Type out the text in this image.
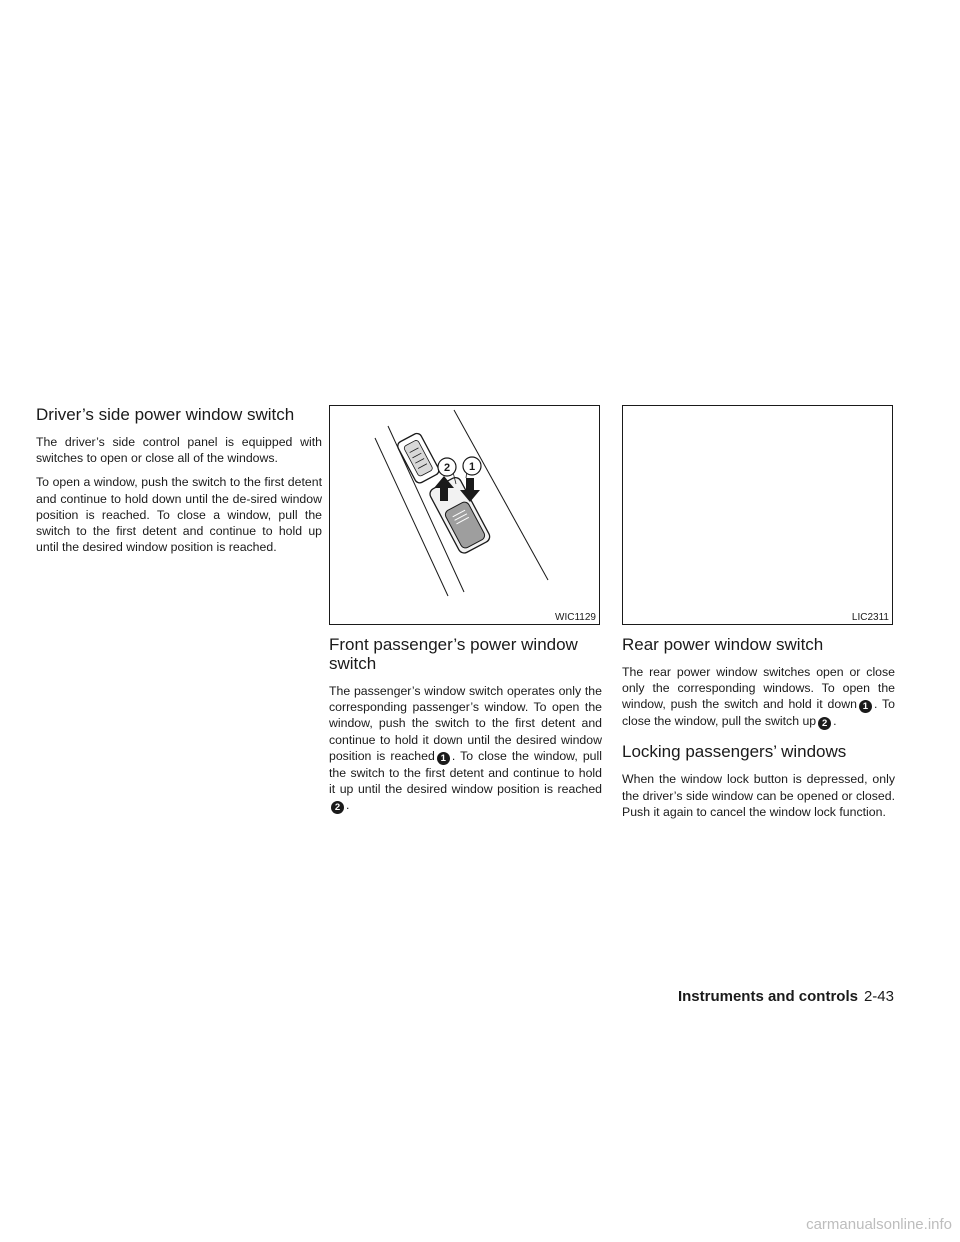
Driver’s side power window switch

The driver’s side control panel is equipped with switches to open or close all of the windows.

To open a window, push the switch to the first detent and continue to hold down until the de-sired window position is reached. To close a window, pull the switch to the first detent and continue to hold up until the desired window position is reached.

2 1
WIC1129
Front passenger’s power window switch

The passenger’s window switch operates only the corresponding passenger’s window. To open the window, push the switch to the first detent and continue to hold it down until the desired window position is reached 1 . To close the window, pull the switch to the first detent and continue to hold it up until the desired window position is reached2 .

LIC2311
Rear power window switch

The rear power window switches open or close only the corresponding windows. To open the window, push the switch and hold it down 1 . To close the window, pull the switch up 2 .

Locking passengers’ windows

When the window lock button is depressed, only the driver’s side window can be opened or closed. Push it again to cancel the window lock function.

Instruments and controls 2-43
carmanualsonline.info
